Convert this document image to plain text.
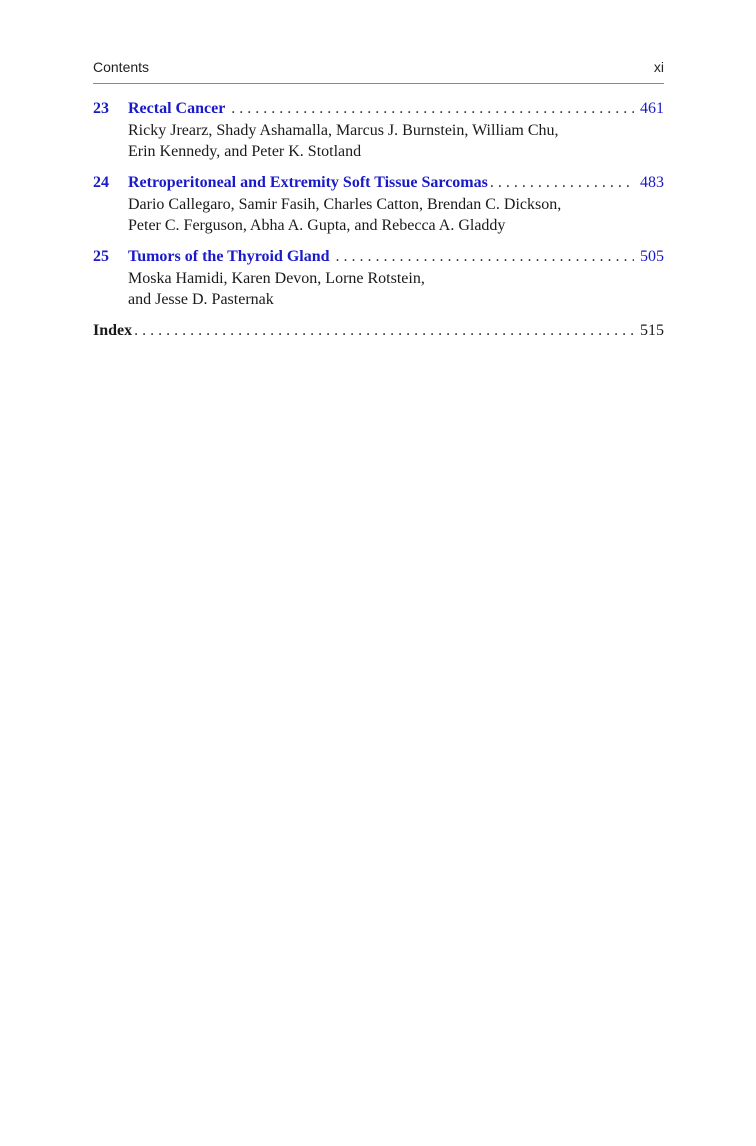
Contents	xi
23	Rectal Cancer . . .	461
Ricky Jrearz, Shady Ashamalla, Marcus J. Burnstein, William Chu,
Erin Kennedy, and Peter K. Stotland
24	Retroperitoneal and Extremity Soft Tissue Sarcomas . . .	483
Dario Callegaro, Samir Fasih, Charles Catton, Brendan C. Dickson,
Peter C. Ferguson, Abha A. Gupta, and Rebecca A. Gladdy
25	Tumors of the Thyroid Gland . . .	505
Moska Hamidi, Karen Devon, Lorne Rotstein,
and Jesse D. Pasternak
Index . . .	515
